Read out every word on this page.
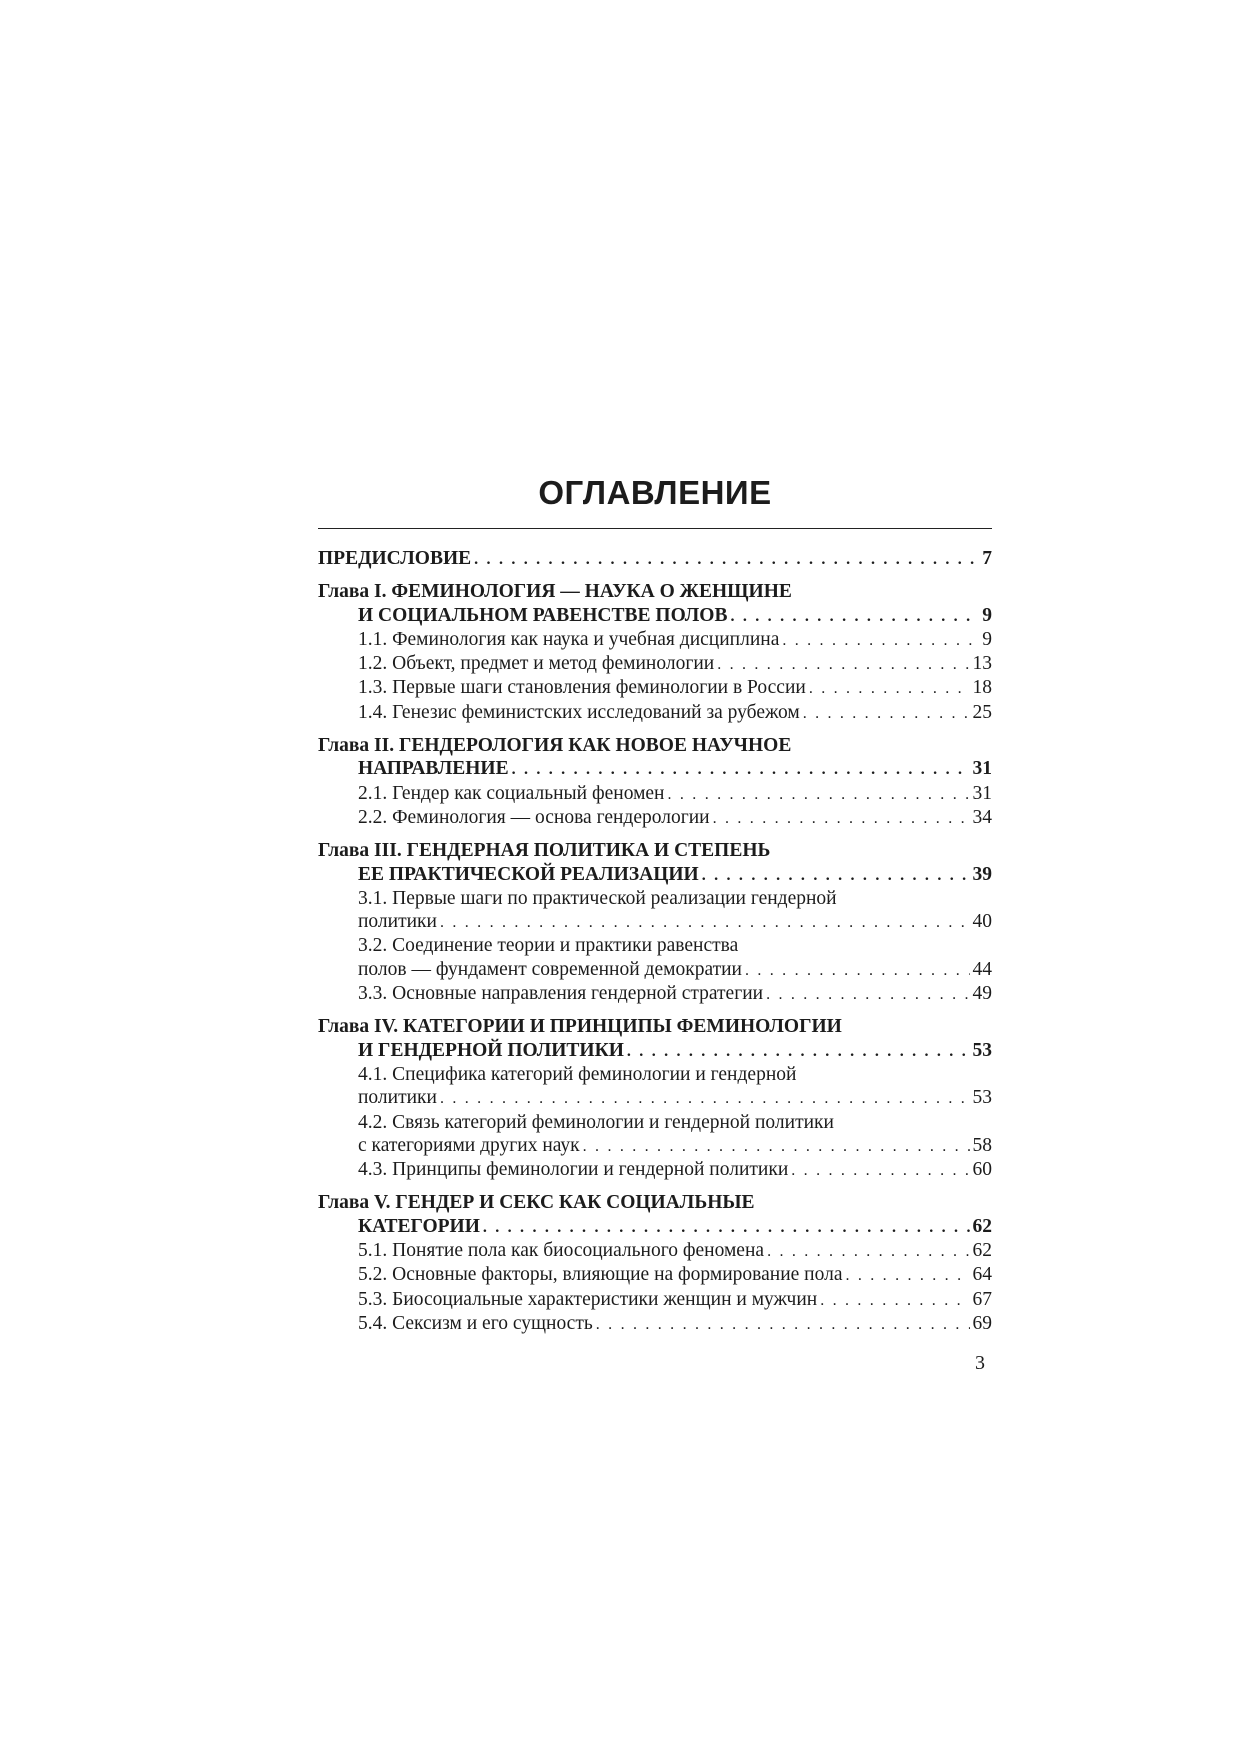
ОГЛАВЛЕНИЕ
ПРЕДИСЛОВИЕ . . .	7
Глава I. ФЕМИНОЛОГИЯ — НАУКА О ЖЕНЩИНЕ
И СОЦИАЛЬНОМ РАВЕНСТВЕ ПОЛОВ . . .	9
1.1. Феминология как наука и учебная дисциплина . . .	9
1.2. Объект, предмет и метод феминологии . . .	13
1.3. Первые шаги становления феминологии в России . . .	18
1.4. Генезис феминистских исследований за рубежом . . .	25
Глава II. ГЕНДЕРОЛОГИЯ КАК НОВОЕ НАУЧНОЕ
НАПРАВЛЕНИЕ . . .	31
2.1. Гендер как социальный феномен . . .	31
2.2. Феминология — основа гендерологии . . .	34
Глава III. ГЕНДЕРНАЯ ПОЛИТИКА И СТЕПЕНЬ
ЕЕ ПРАКТИЧЕСКОЙ РЕАЛИЗАЦИИ . . .	39
3.1. Первые шаги по практической реализации гендерной
политики . . .	40
3.2. Соединение теории и практики равенства
полов — фундамент современной демократии . . .	44
3.3. Основные направления гендерной стратегии . . .	49
Глава IV. КАТЕГОРИИ И ПРИНЦИПЫ ФЕМИНОЛОГИИ
И ГЕНДЕРНОЙ ПОЛИТИКИ . . .	53
4.1. Специфика категорий феминологии и гендерной
политики . . .	53
4.2. Связь категорий феминологии и гендерной политики
с категориями других наук . . .	58
4.3. Принципы феминологии и гендерной политики . . .	60
Глава V. ГЕНДЕР И СЕКС КАК СОЦИАЛЬНЫЕ
КАТЕГОРИИ . . .	62
5.1. Понятие пола как биосоциального феномена . . .	62
5.2. Основные факторы, влияющие на формирование пола . . .	64
5.3. Биосоциальные характеристики женщин и мужчин . . .	67
5.4. Сексизм и его сущность . . .	69
3
